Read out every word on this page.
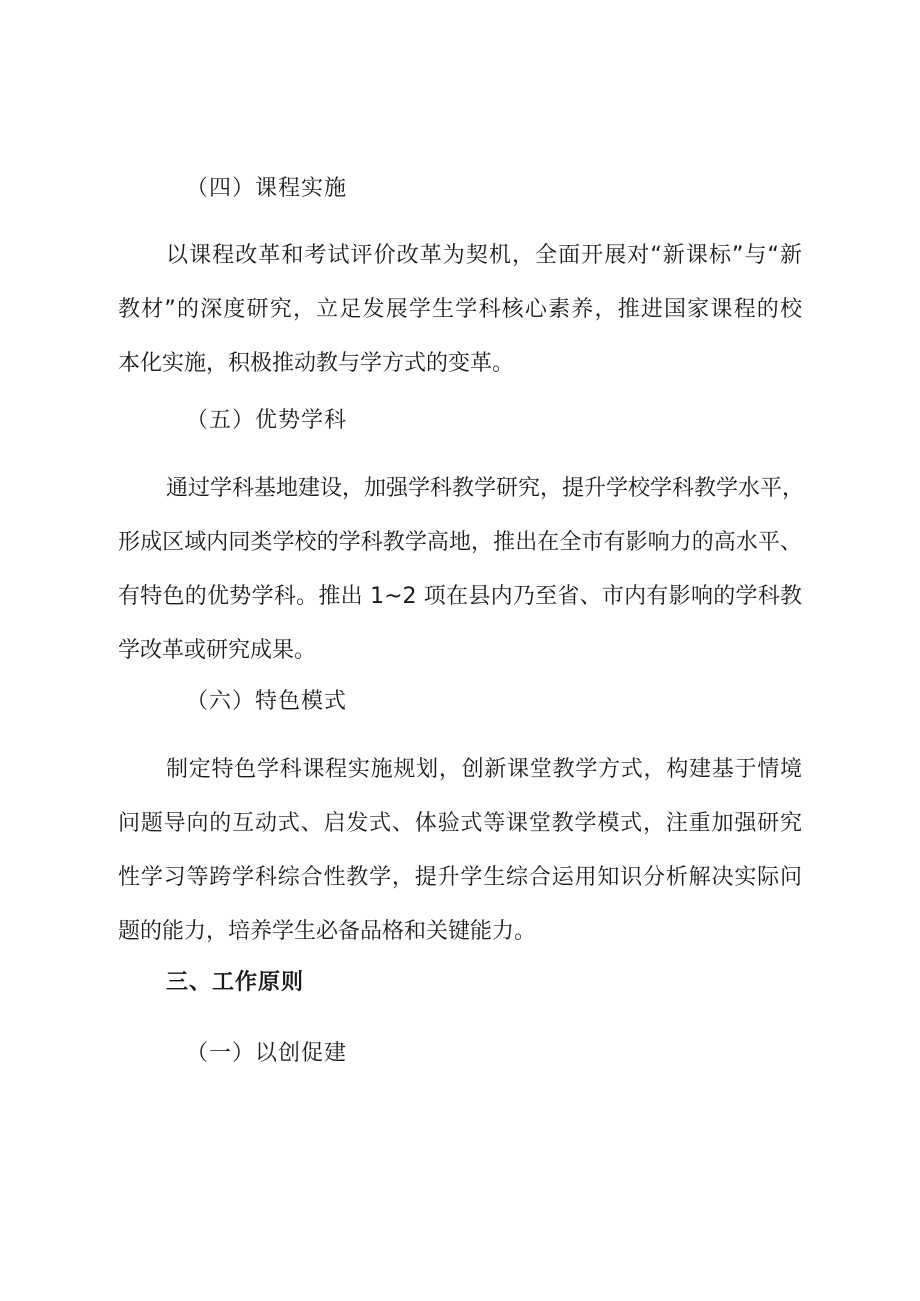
（四）课程实施
以课程改革和考试评价改革为契机，全面开展对“新课标”与“新
教材”的深度研究，立足发展学生学科核心素养，推进国家课程的校
本化实施，积极推动教与学方式的变革。
（五）优势学科
通过学科基地建设，加强学科教学研究，提升学校学科教学水平，
形成区域内同类学校的学科教学高地，推出在全市有影响力的高水平、
有特色的优势学科。推出 1~2 项在县内乃至省、市内有影响的学科教
学改革或研究成果。
（六）特色模式
制定特色学科课程实施规划，创新课堂教学方式，构建基于情境
问题导向的互动式、启发式、体验式等课堂教学模式，注重加强研究
性学习等跨学科综合性教学，提升学生综合运用知识分析解决实际问
题的能力，培养学生必备品格和关键能力。
三、工作原则
（一）以创促建
